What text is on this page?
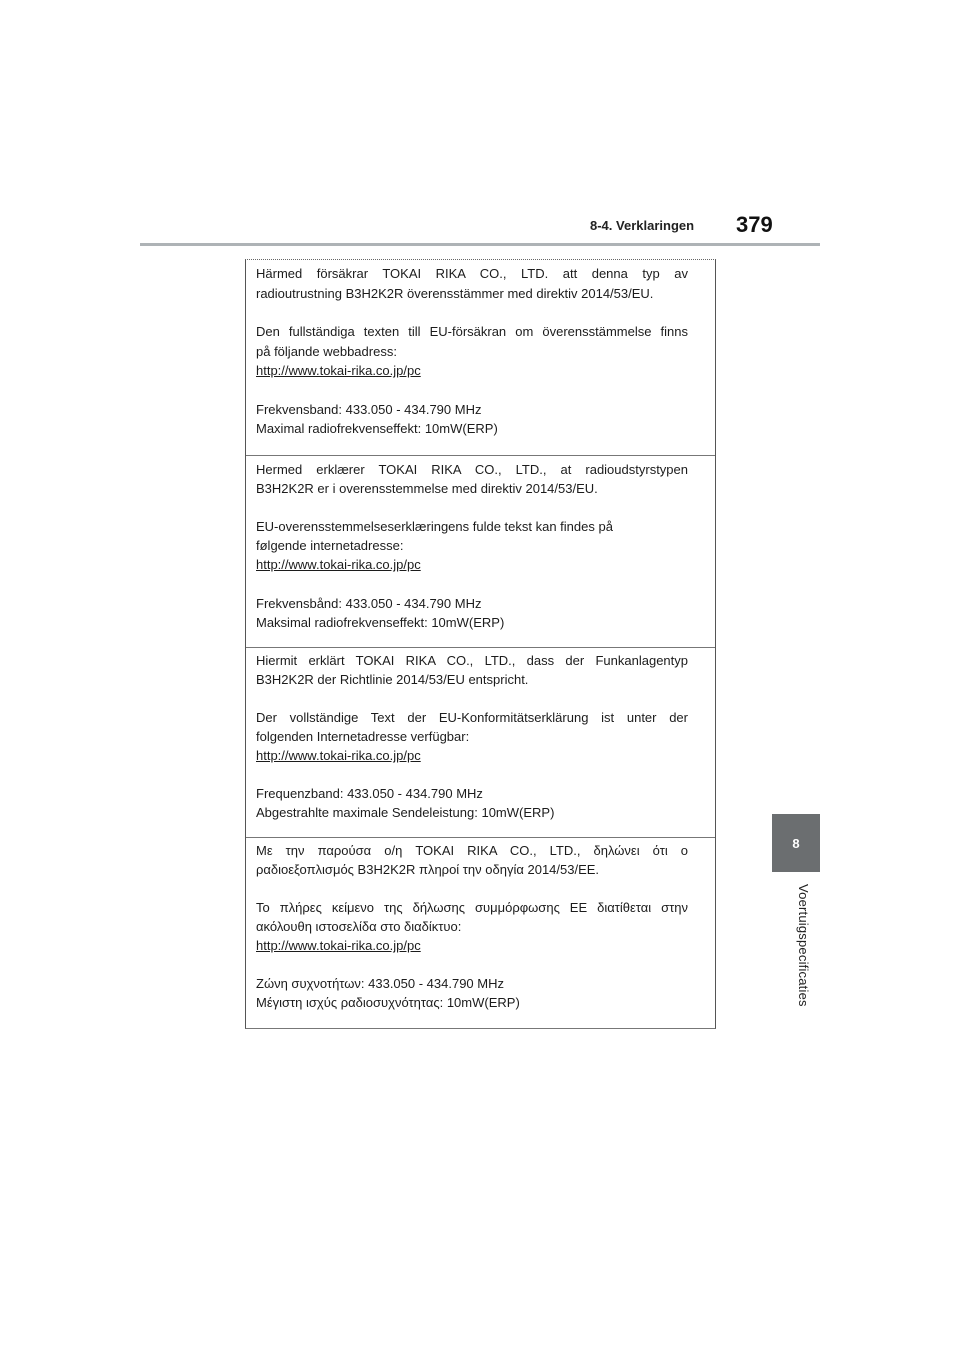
8-4. Verklaringen 379
8
Voertuigspecificaties
Härmed försäkrar TOKAI RIKA CO., LTD. att denna typ av
radioutrustning B3H2K2R överensstämmer med direktiv 2014/53/EU.
Den fullständiga texten till EU-försäkran om överensstämmelse finns
på följande webbadress:
http://www.tokai-rika.co.jp/pc
Frekvensband: 433.050 - 434.790 MHz
Maximal radiofrekvenseffekt: 10mW(ERP)
Hermed erklærer TOKAI RIKA CO., LTD., at radioudstyrstypen
B3H2K2R er i overensstemmelse med direktiv 2014/53/EU.
EU-overensstemmelseserklæringens fulde tekst kan findes på
følgende internetadresse:
http://www.tokai-rika.co.jp/pc
Frekvensbånd: 433.050 - 434.790 MHz
Maksimal radiofrekvenseffekt: 10mW(ERP)
Hiermit erklärt TOKAI RIKA CO., LTD., dass der Funkanlagentyp
B3H2K2R der Richtlinie 2014/53/EU entspricht.
Der vollständige Text der EU-Konformitätserklärung ist unter der
folgenden Internetadresse verfügbar:
http://www.tokai-rika.co.jp/pc
Frequenzband: 433.050 - 434.790 MHz
Abgestrahlte maximale Sendeleistung: 10mW(ERP)
Με την παρούσα ο/η TOKAI RIKA CO., LTD., δηλώνει ότι ο
ραδιοεξοπλισμός B3H2K2R πληροί την οδηγία 2014/53/ΕΕ.
Το πλήρες κείμενο της δήλωσης συμμόρφωσης ΕΕ διατίθεται στην
ακόλουθη ιστοσελίδα στο διαδίκτυο:
http://www.tokai-rika.co.jp/pc
Ζώνη συχνοτήτων: 433.050 - 434.790 MHz
Μέγιστη ισχύς ραδιοσυχνότητας: 10mW(ERP)
